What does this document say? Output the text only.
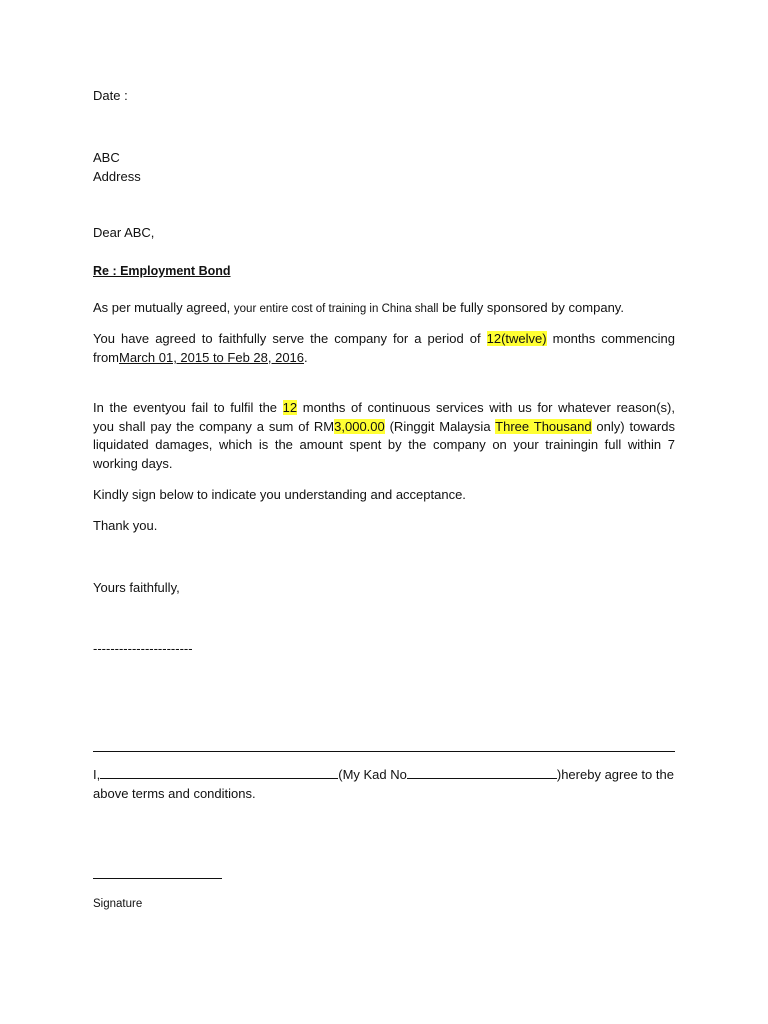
Date :
ABC
Address
Dear ABC,
Re : Employment Bond
As per mutually agreed, your entire cost of training in China shall be fully sponsored by company.
You have agreed to faithfully serve the company for a period of 12(twelve) months commencing
fromMarch 01, 2015 to Feb 28, 2016.
In the eventyou fail to fulfil the 12 months of continuous services with us for whatever reason(s),
you shall pay the company a sum of RM3,000.00 (Ringgit Malaysia Three Thousand only) towards
liquidated damages, which is the amount spent by the company on your trainingin full within 7
working days.
Kindly sign below to indicate you understanding and acceptance.
Thank you.
Yours faithfully,
-----------------------
I,	(My Kad No	)hereby agree to the
above terms and conditions.
Signature
